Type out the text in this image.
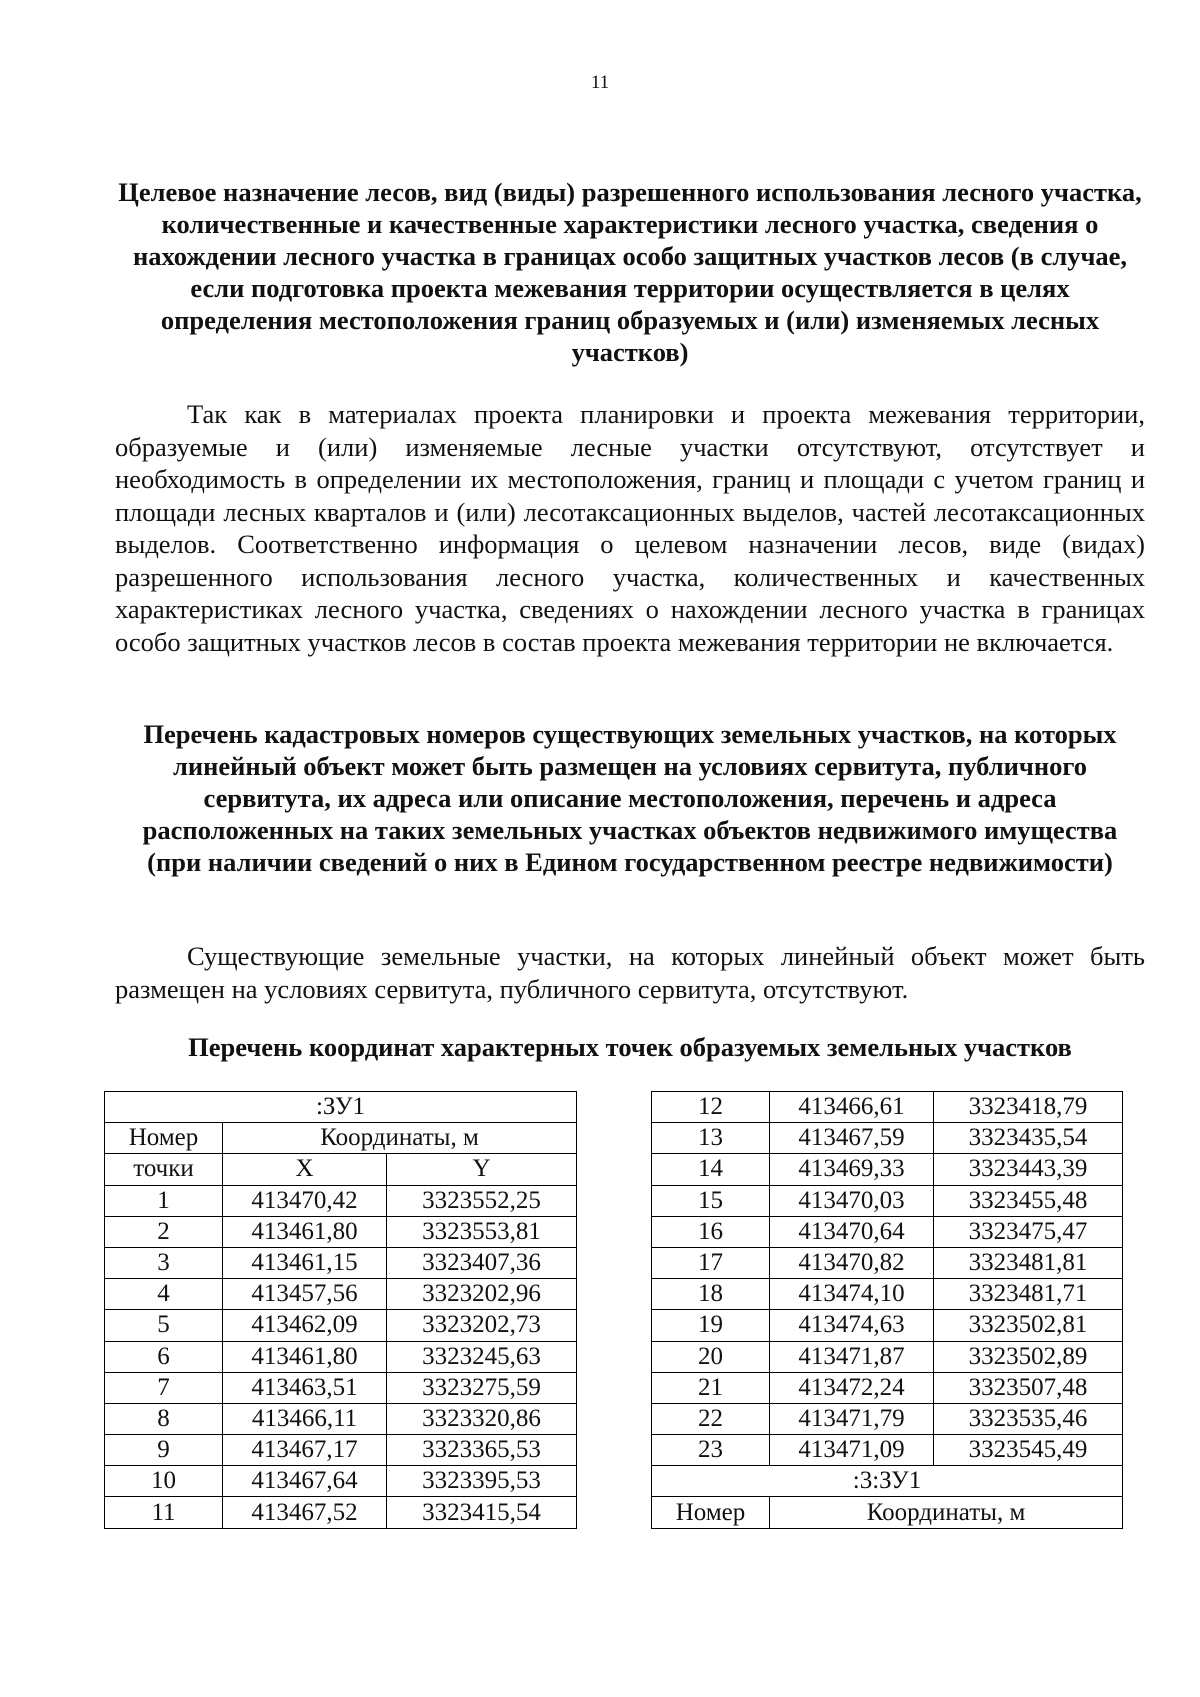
11
Целевое назначение лесов, вид (виды) разрешенного использования лесного участка, количественные и качественные характеристики лесного участка, сведения о нахождении лесного участка в границах особо защитных участков лесов (в случае, если подготовка проекта межевания территории осуществляется в целях определения местоположения границ образуемых и (или) изменяемых лесных участков)

Так как в материалах проекта планировки и проекта межевания территории, образуемые и (или) изменяемые лесные участки отсутствуют, отсутствует и необходимость в определении их местоположения, границ и площади с учетом границ и площади лесных кварталов и (или) лесотаксационных выделов, частей лесотаксационных выделов. Соответственно информация о целевом назначении лесов, виде (видах) разрешенного использования лесного участка, количественных и качественных характеристиках лесного участка, сведениях о нахождении лесного участка в границах особо защитных участков лесов в состав проекта межевания территории не включается.

Перечень кадастровых номеров существующих земельных участков, на которых линейный объект может быть размещен на условиях сервитута, публичного сервитута, их адреса или описание местоположения, перечень и адреса расположенных на таких земельных участках объектов недвижимого имущества (при наличии сведений о них в Едином государственном реестре недвижимости)

Существующие земельные участки, на которых линейный объект может быть размещен на условиях сервитута, публичного сервитута, отсутствуют.

Перечень координат характерных точек образуемых земельных участков
:ЗУ1		
Номер	Координаты, м	
точки	X	Y
1	413470,42	3323552,25
2	413461,80	3323553,81
3	413461,15	3323407,36
4	413457,56	3323202,96
5	413462,09	3323202,73
6	413461,80	3323245,63
7	413463,51	3323275,59
8	413466,11	3323320,86
9	413467,17	3323365,53
10	413467,64	3323395,53
11	413467,52	3323415,54
12	413466,61	3323418,79
13	413467,59	3323435,54
14	413469,33	3323443,39
15	413470,03	3323455,48
16	413470,64	3323475,47
17	413470,82	3323481,81
18	413474,10	3323481,71
19	413474,63	3323502,81
20	413471,87	3323502,89
21	413472,24	3323507,48
22	413471,79	3323535,46
23	413471,09	3323545,49
:3:ЗУ1		
Номер	Координаты, м	
